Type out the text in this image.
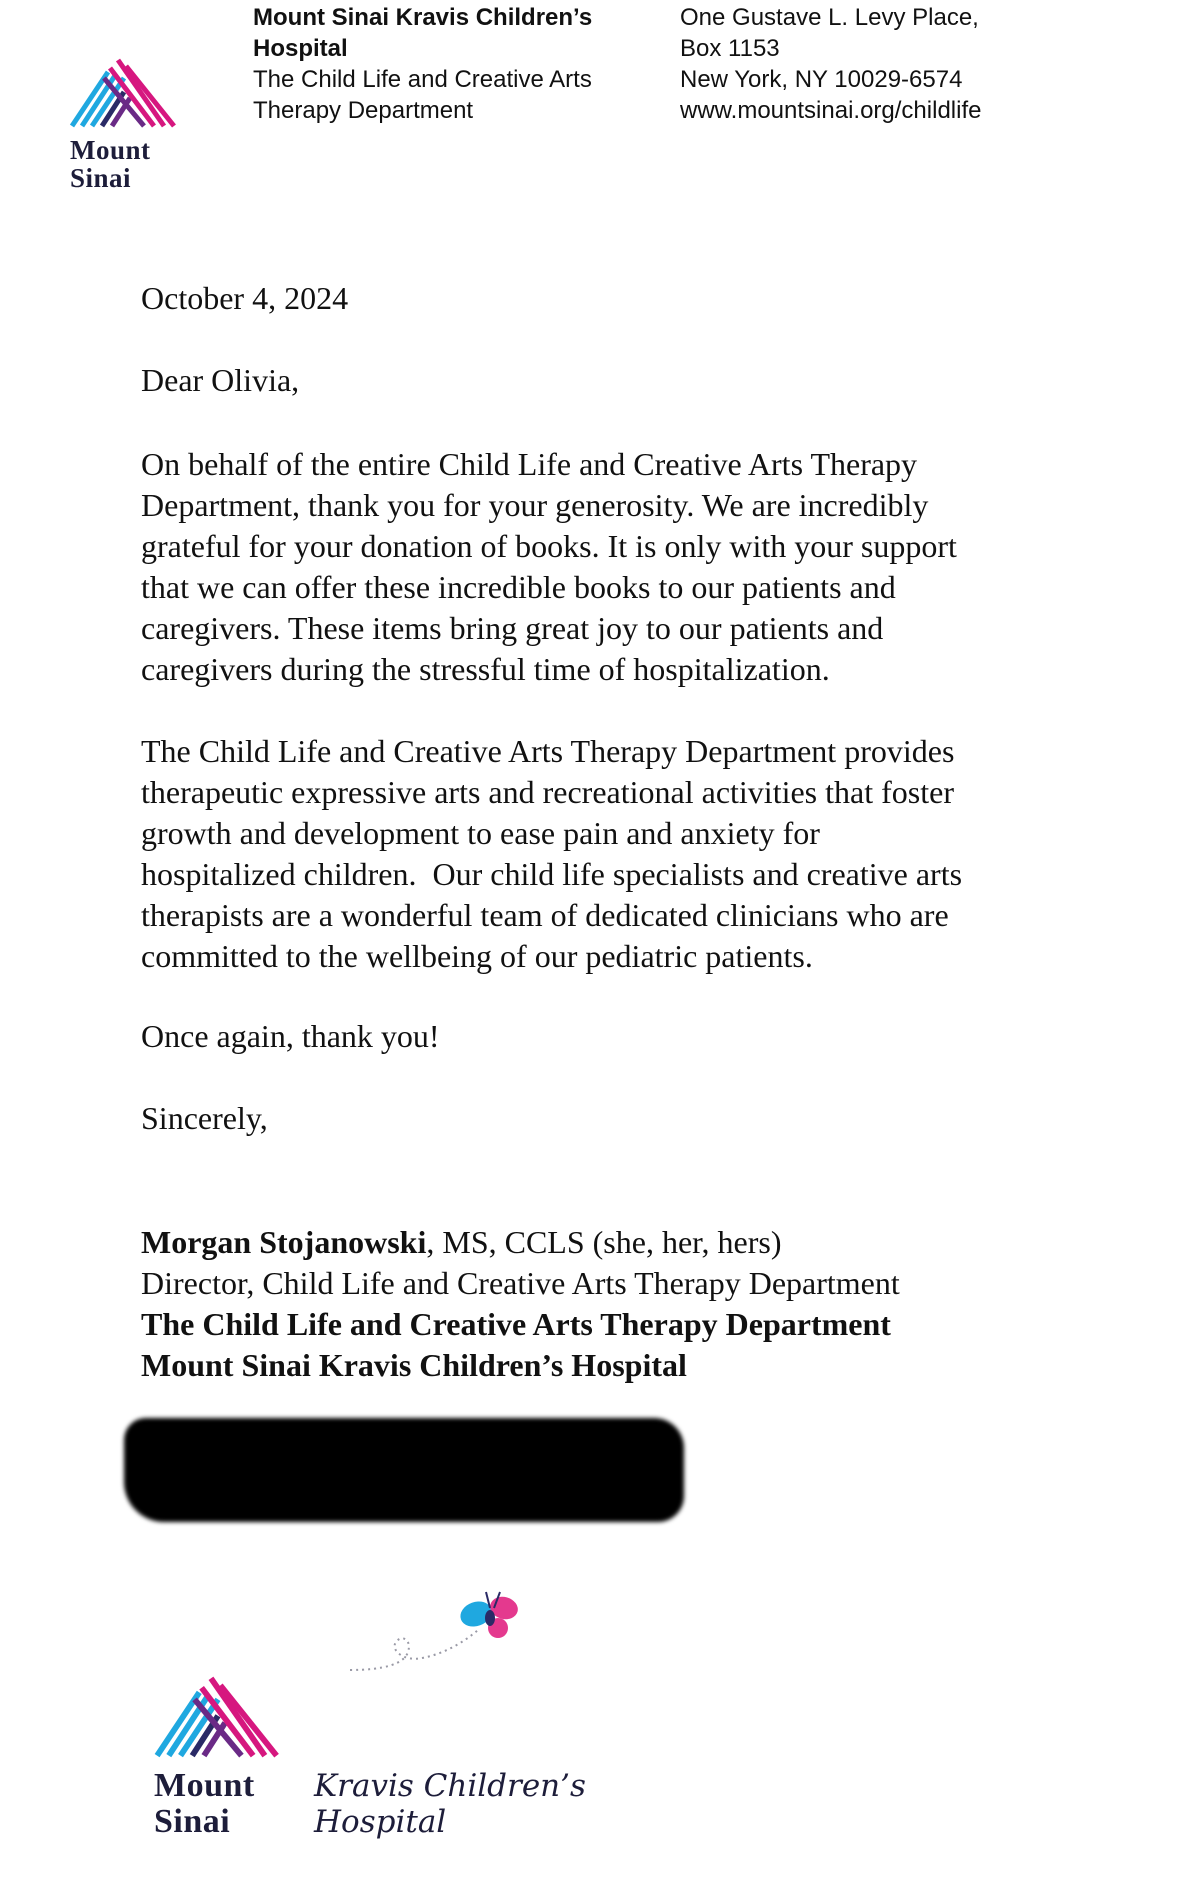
Mount
Sinai
Mount Sinai Kravis Children’s
Hospital
The Child Life and Creative Arts
Therapy Department
One Gustave L. Levy Place,
Box 1153
New York, NY 10029-6574
www.mountsinai.org/childlife
October 4, 2024
Dear Olivia,
On behalf of the entire Child Life and Creative Arts Therapy
Department, thank you for your generosity. We are incredibly
grateful for your donation of books. It is only with your support
that we can offer these incredible books to our patients and
caregivers. These items bring great joy to our patients and
caregivers during the stressful time of hospitalization.
The Child Life and Creative Arts Therapy Department provides
therapeutic expressive arts and recreational activities that foster
growth and development to ease pain and anxiety for
hospitalized children.  Our child life specialists and creative arts
therapists are a wonderful team of dedicated clinicians who are
committed to the wellbeing of our pediatric patients.
Once again, thank you!
Sincerely,
Morgan Stojanowski, MS, CCLS (she, her, hers)
Director, Child Life and Creative Arts Therapy Department
The Child Life and Creative Arts Therapy Department
Mount Sinai Kravis Children’s Hospital
Mount
Sinai
Kravis Children’s
Hospital
